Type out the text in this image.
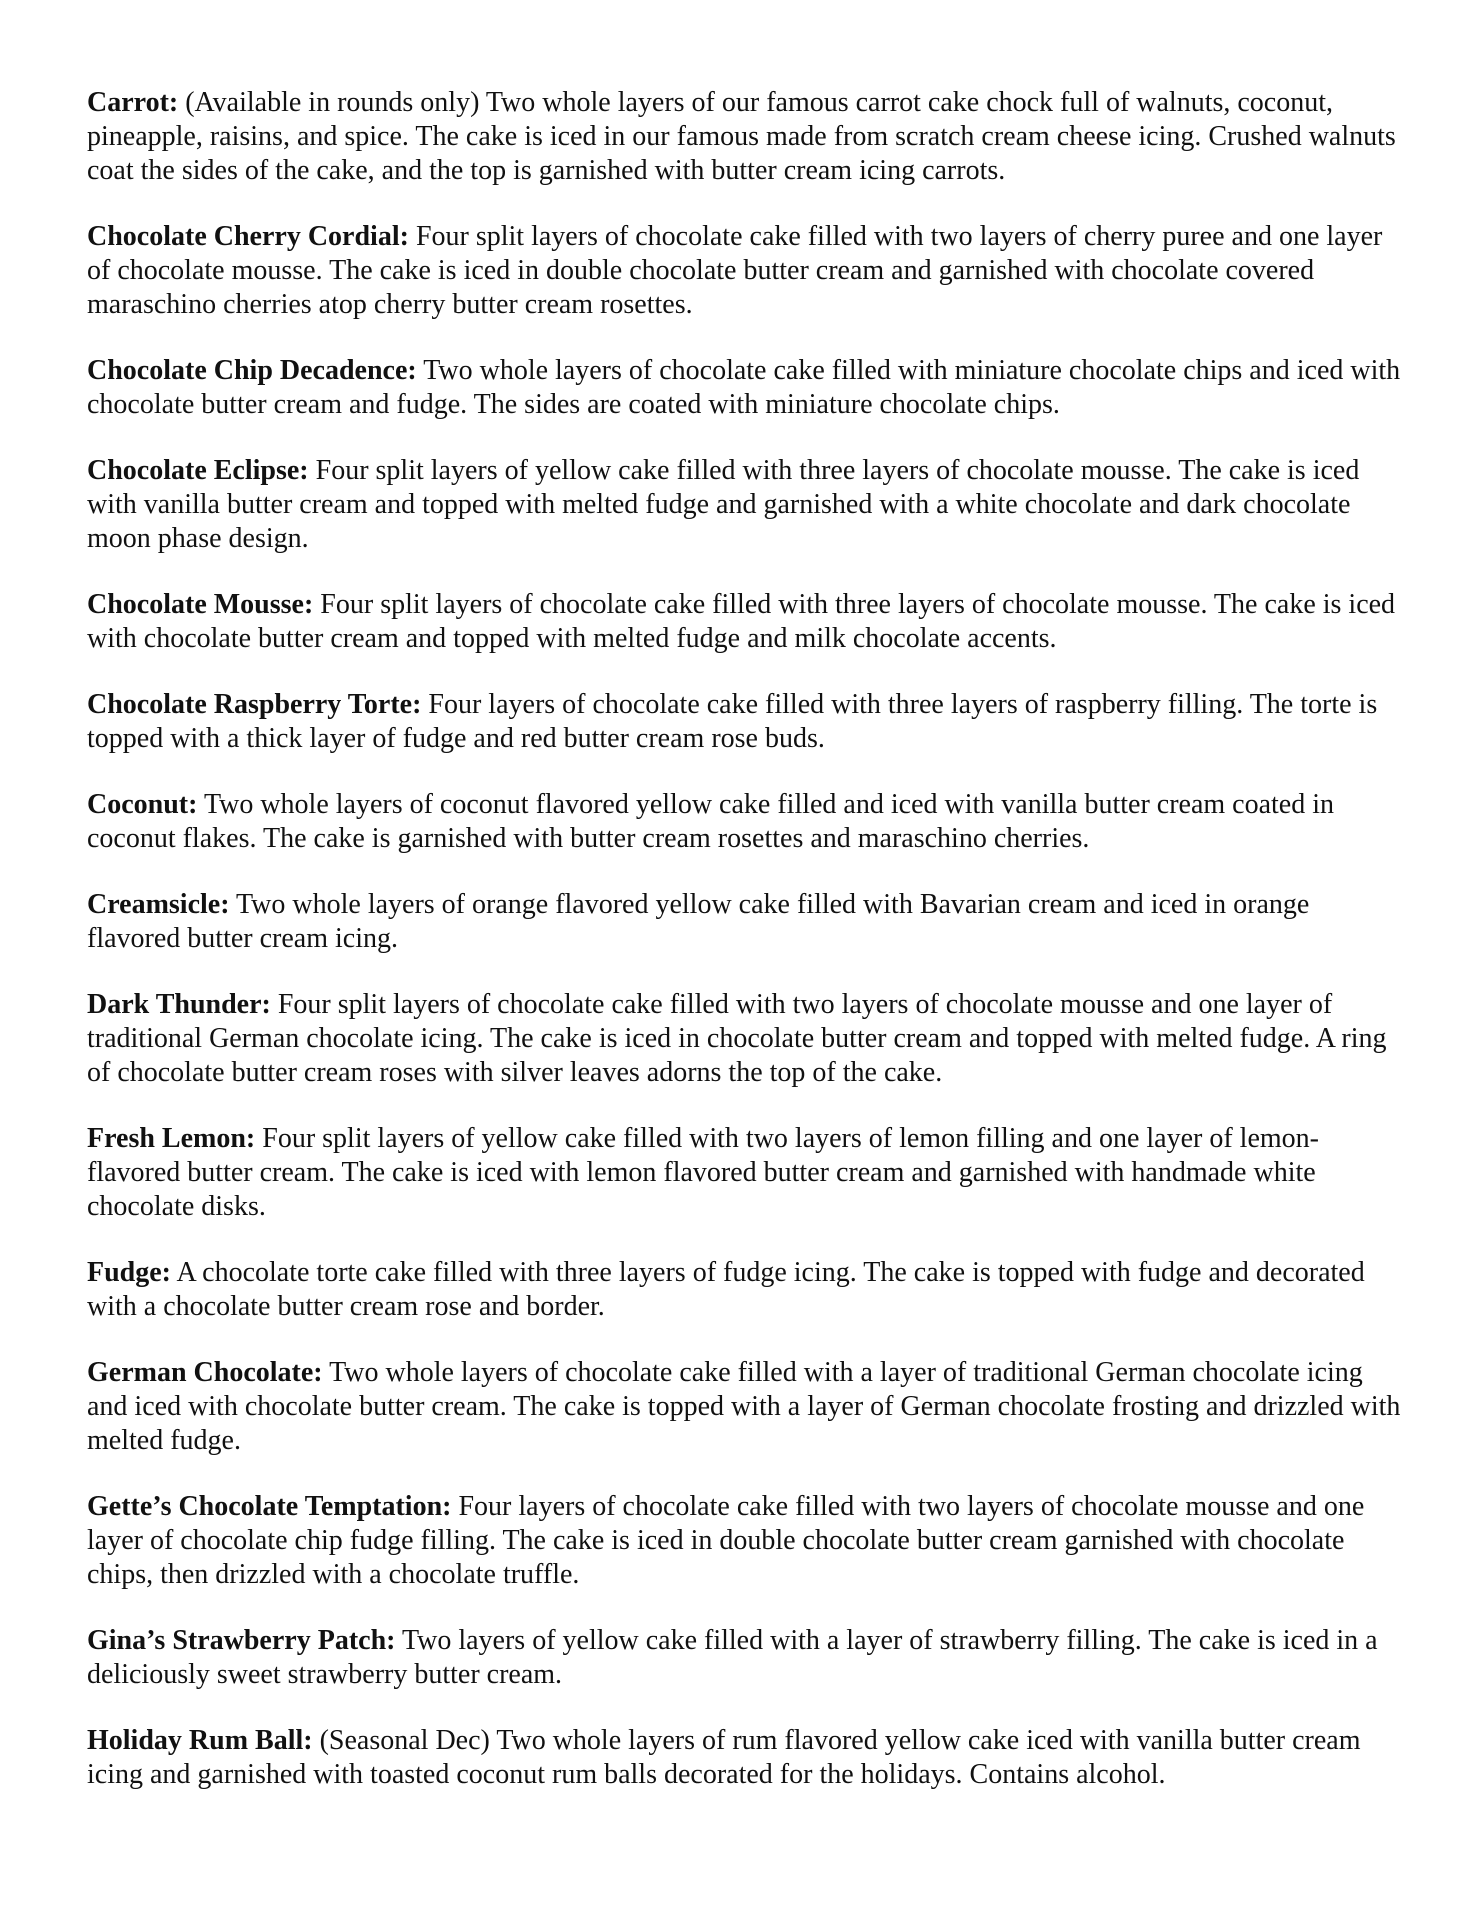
Carrot: (Available in rounds only) Two whole layers of our famous carrot cake chock full of walnuts, coconut, pineapple, raisins, and spice. The cake is iced in our famous made from scratch cream cheese icing. Crushed walnuts coat the sides of the cake, and the top is garnished with butter cream icing carrots.

Chocolate Cherry Cordial: Four split layers of chocolate cake filled with two layers of cherry puree and one layer of chocolate mousse. The cake is iced in double chocolate butter cream and garnished with chocolate covered maraschino cherries atop cherry butter cream rosettes.

Chocolate Chip Decadence: Two whole layers of chocolate cake filled with miniature chocolate chips and iced with chocolate butter cream and fudge. The sides are coated with miniature chocolate chips.

Chocolate Eclipse: Four split layers of yellow cake filled with three layers of chocolate mousse. The cake is iced with vanilla butter cream and topped with melted fudge and garnished with a white chocolate and dark chocolate moon phase design.

Chocolate Mousse: Four split layers of chocolate cake filled with three layers of chocolate mousse. The cake is iced with chocolate butter cream and topped with melted fudge and milk chocolate accents.

Chocolate Raspberry Torte: Four layers of chocolate cake filled with three layers of raspberry filling. The torte is topped with a thick layer of fudge and red butter cream rose buds.

Coconut: Two whole layers of coconut flavored yellow cake filled and iced with vanilla butter cream coated in coconut flakes. The cake is garnished with butter cream rosettes and maraschino cherries.

Creamsicle: Two whole layers of orange flavored yellow cake filled with Bavarian cream and iced in orange flavored butter cream icing.

Dark Thunder: Four split layers of chocolate cake filled with two layers of chocolate mousse and one layer of traditional German chocolate icing. The cake is iced in chocolate butter cream and topped with melted fudge. A ring of chocolate butter cream roses with silver leaves adorns the top of the cake.

Fresh Lemon: Four split layers of yellow cake filled with two layers of lemon filling and one layer of lemon-flavored butter cream. The cake is iced with lemon flavored butter cream and garnished with handmade white chocolate disks.

Fudge: A chocolate torte cake filled with three layers of fudge icing. The cake is topped with fudge and decorated with a chocolate butter cream rose and border.

German Chocolate: Two whole layers of chocolate cake filled with a layer of traditional German chocolate icing and iced with chocolate butter cream. The cake is topped with a layer of German chocolate frosting and drizzled with melted fudge.

Gette’s Chocolate Temptation: Four layers of chocolate cake filled with two layers of chocolate mousse and one layer of chocolate chip fudge filling. The cake is iced in double chocolate butter cream garnished with chocolate chips, then drizzled with a chocolate truffle.

Gina’s Strawberry Patch: Two layers of yellow cake filled with a layer of strawberry filling. The cake is iced in a deliciously sweet strawberry butter cream.

Holiday Rum Ball: (Seasonal Dec) Two whole layers of rum flavored yellow cake iced with vanilla butter cream icing and garnished with toasted coconut rum balls decorated for the holidays. Contains alcohol.
